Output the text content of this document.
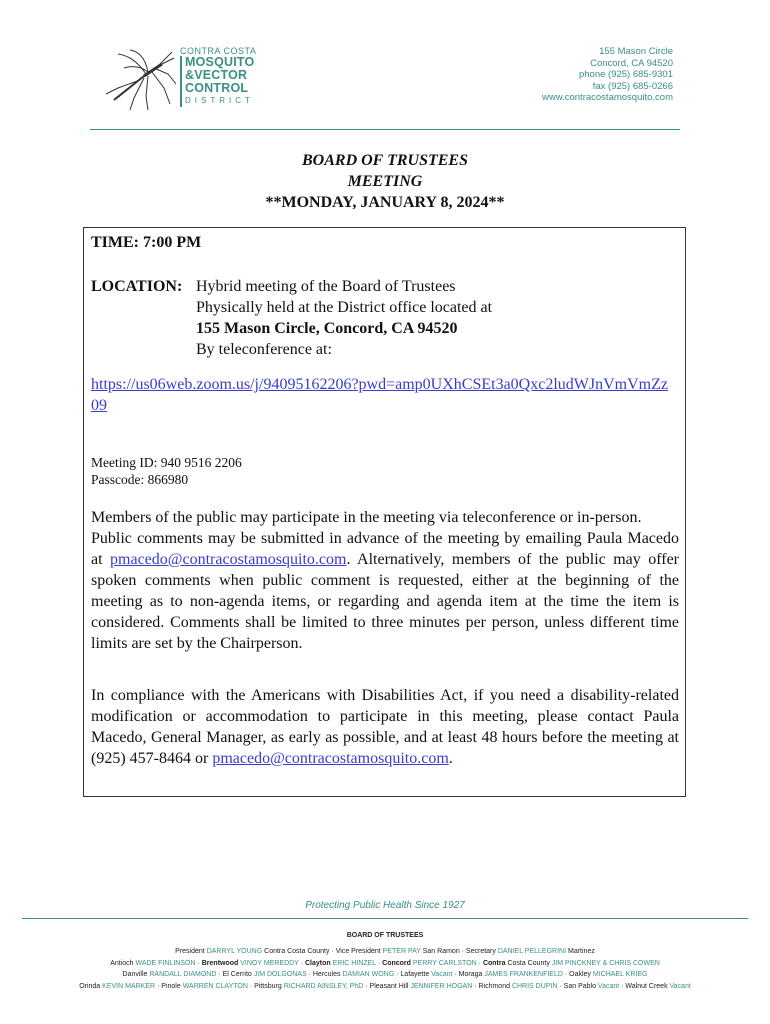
CONTRA COSTA
MOSQUITO
&VECTOR
CONTROL
DISTRICT
155 Mason Circle
Concord, CA 94520
phone (925) 685-9301
fax (925) 685-0266
www.contracostamosquito.com
BOARD OF TRUSTEES
MEETING
**MONDAY, JANUARY 8, 2024**
TIME: 7:00 PM
LOCATION: Hybrid meeting of the Board of Trustees
Physically held at the District office located at
155 Mason Circle, Concord, CA 94520
By teleconference at:
https://us06web.zoom.us/j/94095162206?pwd=amp0UXhCSEt3a0Qxc2ludWJnVmVmZz09
Meeting ID: 940 9516 2206
Passcode: 866980
Members of the public may participate in the meeting via teleconference or in-person.
Public comments may be submitted in advance of the meeting by emailing Paula Macedo at pmacedo@contracostamosquito.com. Alternatively, members of the public may offer spoken comments when public comment is requested, either at the beginning of the meeting as to non-agenda items, or regarding and agenda item at the time the item is considered. Comments shall be limited to three minutes per person, unless different time limits are set by the Chairperson.
In compliance with the Americans with Disabilities Act, if you need a disability-related modification or accommodation to participate in this meeting, please contact Paula Macedo, General Manager, as early as possible, and at least 48 hours before the meeting at (925) 457-8464 or pmacedo@contracostamosquito.com.
Protecting Public Health Since 1927
BOARD OF TRUSTEES
President DARRYL YOUNG Contra Costa County · Vice President PETER PAY San Ramon · Secretary DANIEL PELLEGRINI Martinez
Antioch WADE FINLINSON · Brentwood VINOY MEREDDY · Clayton ERIC HINZEL · Concord PERRY CARLSTON · Contra Costa County JIM PINCKNEY & CHRIS COWEN
Danville RANDALL DIAMOND · El Cerrito JIM DOLGONAS · Hercules DAMIAN WONG · Lafayette Vacant · Moraga JAMES FRANKENFIELD · Oakley MICHAEL KRIEG
Orinda KEVIN MARKER · Pinole WARREN CLAYTON · Pittsburg RICHARD AINSLEY, PhD · Pleasant Hill JENNIFER HOGAN · Richmond CHRIS DUPIN · San Pablo Vacant · Walnut Creek Vacant
